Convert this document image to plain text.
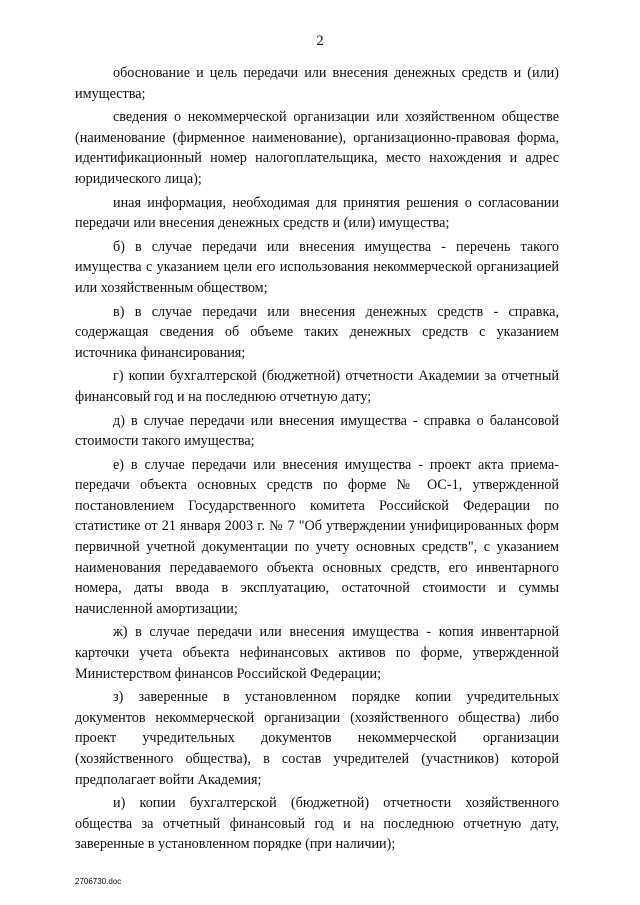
2

обоснование и цель передачи или внесения денежных средств и (или) имущества;

сведения о некоммерческой организации или хозяйственном обществе (наименование (фирменное наименование), организационно-правовая форма, идентификационный номер налогоплательщика, место нахождения и адрес юридического лица);

иная информация, необходимая для принятия решения о согласовании передачи или внесения денежных средств и (или) имущества;

б) в случае передачи или внесения имущества - перечень такого имущества с указанием цели его использования некоммерческой организацией или хозяйственным обществом;

в) в случае передачи или внесения денежных средств - справка, содержащая сведения об объеме таких денежных средств с указанием источника финансирования;

г) копии бухгалтерской (бюджетной) отчетности Академии за отчетный финансовый год и на последнюю отчетную дату;

д) в случае передачи или внесения имущества - справка о балансовой стоимости такого имущества;

е) в случае передачи или внесения имущества - проект акта приема-передачи объекта основных средств по форме № ОС-1, утвержденной постановлением Государственного комитета Российской Федерации по статистике от 21 января 2003 г. № 7 "Об утверждении унифицированных форм первичной учетной документации по учету основных средств", с указанием наименования передаваемого объекта основных средств, его инвентарного номера, даты ввода в эксплуатацию, остаточной стоимости и суммы начисленной амортизации;

ж) в случае передачи или внесения имущества - копия инвентарной карточки учета объекта нефинансовых активов по форме, утвержденной Министерством финансов Российской Федерации;

з) заверенные в установленном порядке копии учредительных документов некоммерческой организации (хозяйственного общества) либо проект учредительных документов некоммерческой организации (хозяйственного общества), в состав учредителей (участников) которой предполагает войти Академия;

и) копии бухгалтерской (бюджетной) отчетности хозяйственного общества за отчетный финансовый год и на последнюю отчетную дату, заверенные в установленном порядке (при наличии);

2706730.doc
